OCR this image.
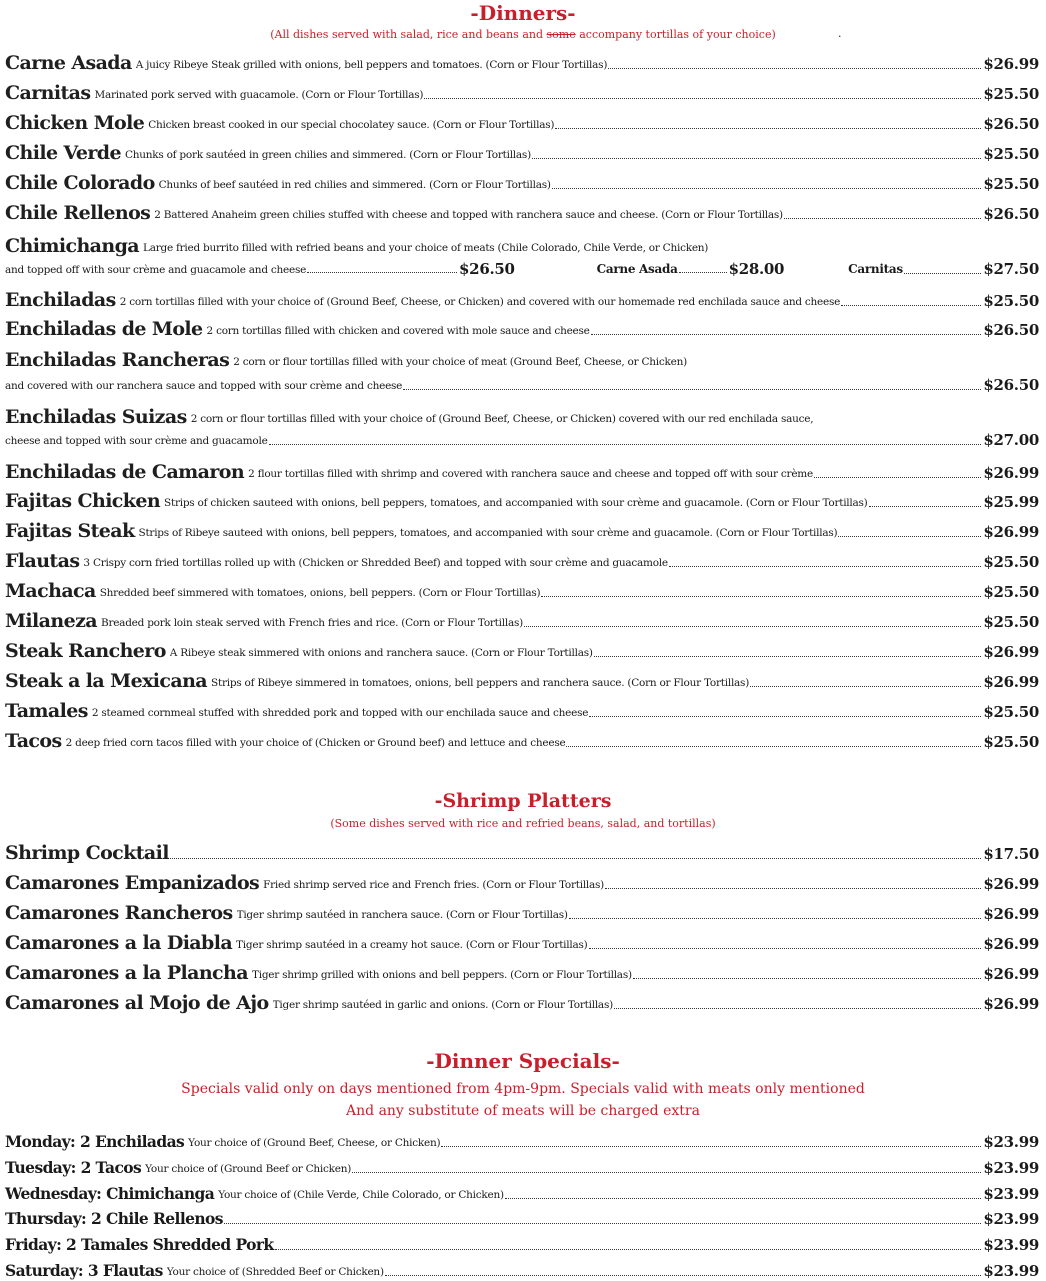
-Dinners-
(All dishes served with salad, rice and beans and some accompany tortillas of your choice)	.
Carne Asada A juicy Ribeye Steak grilled with onions, bell peppers and tomatoes. (Corn or Flour Tortillas)	$26.99
Carnitas Marinated pork served with guacamole. (Corn or Flour Tortillas)	$25.50
Chicken Mole Chicken breast cooked in our special chocolatey sauce. (Corn or Flour Tortillas)	$26.50
Chile Verde Chunks of pork sautéed in green chilies and simmered. (Corn or Flour Tortillas)	$25.50
Chile Colorado Chunks of beef sautéed in red chilies and simmered. (Corn or Flour Tortillas)	$25.50
Chile Rellenos 2 Battered Anaheim green chilies stuffed with cheese and topped with ranchera sauce and cheese. (Corn or Flour Tortillas)	$26.50
Chimichanga Large fried burrito filled with refried beans and your choice of meats (Chile Colorado, Chile Verde, or Chicken)
and topped off with sour crème and guacamole and cheese	$26.50	Carne Asada	$28.00	Carnitas	$27.50
Enchiladas 2 corn tortillas filled with your choice of (Ground Beef, Cheese, or Chicken) and covered with our homemade red enchilada sauce and cheese	$25.50
Enchiladas de Mole 2 corn tortillas filled with chicken and covered with mole sauce and cheese	$26.50
Enchiladas Rancheras 2 corn or flour tortillas filled with your choice of meat (Ground Beef, Cheese, or Chicken)
and covered with our ranchera sauce and topped with sour crème and cheese	$26.50
Enchiladas Suizas 2 corn or flour tortillas filled with your choice of (Ground Beef, Cheese, or Chicken) covered with our red enchilada sauce,
cheese and topped with sour crème and guacamole	$27.00
Enchiladas de Camaron 2 flour tortillas filled with shrimp and covered with ranchera sauce and cheese and topped off with sour crème	$26.99
Fajitas Chicken Strips of chicken sauteed with onions, bell peppers, tomatoes, and accompanied with sour crème and guacamole. (Corn or Flour Tortillas)	$25.99
Fajitas Steak Strips of Ribeye sauteed with onions, bell peppers, tomatoes, and accompanied with sour crème and guacamole. (Corn or Flour Tortillas)	$26.99
Flautas 3 Crispy corn fried tortillas rolled up with (Chicken or Shredded Beef) and topped with sour crème and guacamole	$25.50
Machaca Shredded beef simmered with tomatoes, onions, bell peppers. (Corn or Flour Tortillas)	$25.50
Milaneza Breaded pork loin steak served with French fries and rice. (Corn or Flour Tortillas)	$25.50
Steak Ranchero A Ribeye steak simmered with onions and ranchera sauce. (Corn or Flour Tortillas)	$26.99
Steak a la Mexicana Strips of Ribeye simmered in tomatoes, onions, bell peppers and ranchera sauce. (Corn or Flour Tortillas)	$26.99
Tamales 2 steamed cornmeal stuffed with shredded pork and topped with our enchilada sauce and cheese	$25.50
Tacos 2 deep fried corn tacos filled with your choice of (Chicken or Ground beef) and lettuce and cheese	$25.50
-Shrimp Platters
(Some dishes served with rice and refried beans, salad, and tortillas)
Shrimp Cocktail	$17.50
Camarones Empanizados Fried shrimp served rice and French fries. (Corn or Flour Tortillas)	$26.99
Camarones Rancheros Tiger shrimp sautéed in ranchera sauce. (Corn or Flour Tortillas)	$26.99
Camarones a la Diabla Tiger shrimp sautéed in a creamy hot sauce. (Corn or Flour Tortillas)	$26.99
Camarones a la Plancha Tiger shrimp grilled with onions and bell peppers. (Corn or Flour Tortillas)	$26.99
Camarones al Mojo de Ajo Tiger shrimp sautéed in garlic and onions. (Corn or Flour Tortillas)	$26.99
-Dinner Specials-
Specials valid only on days mentioned from 4pm-9pm. Specials valid with meats only mentioned
And any substitute of meats will be charged extra
Monday: 2 Enchiladas Your choice of (Ground Beef, Cheese, or Chicken)	$23.99
Tuesday: 2 Tacos Your choice of (Ground Beef or Chicken)	$23.99
Wednesday: Chimichanga Your choice of (Chile Verde, Chile Colorado, or Chicken)	$23.99
Thursday: 2 Chile Rellenos	$23.99
Friday: 2 Tamales Shredded Pork	$23.99
Saturday: 3 Flautas Your choice of (Shredded Beef or Chicken)	$23.99
